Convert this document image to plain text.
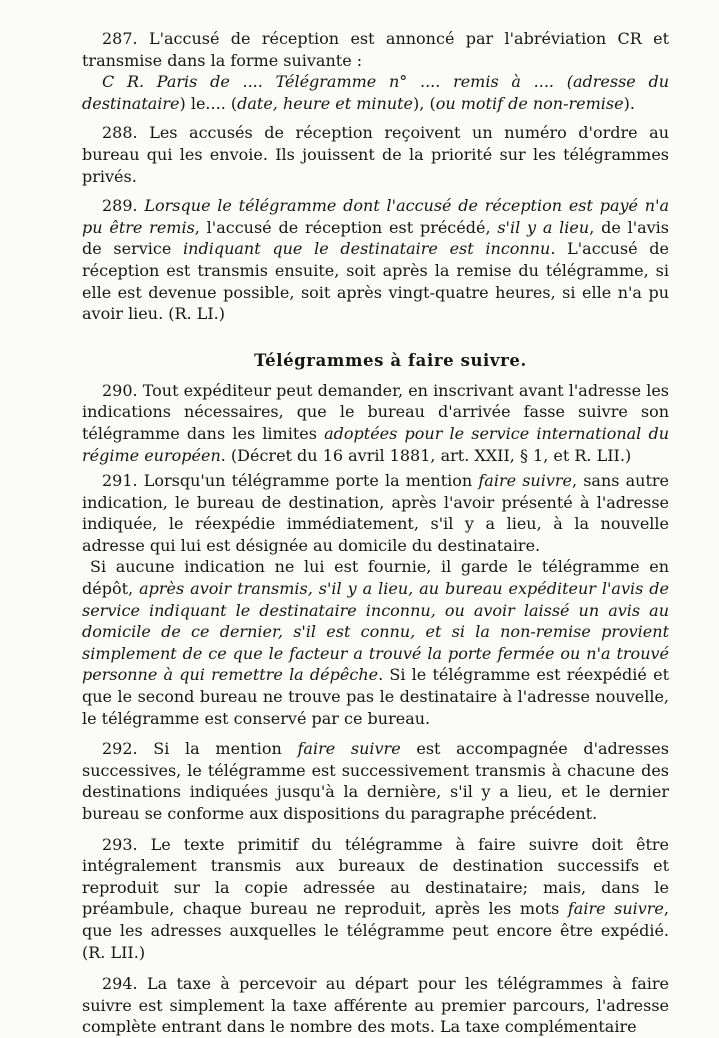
287. L'accusé de réception est annoncé par l'abréviation CR et transmise dans la forme suivante :

C R. Paris de .... Télégramme n° .... remis à .... (adresse du destinataire) le.... (date, heure et minute), (ou motif de non-remise).

288. Les accusés de réception reçoivent un numéro d'ordre au bureau qui les envoie. Ils jouissent de la priorité sur les télégrammes privés.

289. Lorsque le télégramme dont l'accusé de réception est payé n'a pu être remis, l'accusé de réception est précédé, s'il y a lieu, de l'avis de service indiquant que le destinataire est inconnu. L'accusé de réception est transmis ensuite, soit après la remise du télégramme, si elle est devenue possible, soit après vingt-quatre heures, si elle n'a pu avoir lieu. (R. LI.)

Télégrammes à faire suivre.

290. Tout expéditeur peut demander, en inscrivant avant l'adresse les indications nécessaires, que le bureau d'arrivée fasse suivre son télégramme dans les limites adoptées pour le service international du régime européen. (Décret du 16 avril 1881, art. XXII, § 1, et R. LII.)

291. Lorsqu'un télégramme porte la mention faire suivre, sans autre indication, le bureau de destination, après l'avoir présenté à l'adresse indiquée, le réexpédie immédiatement, s'il y a lieu, à la nouvelle adresse qui lui est désignée au domicile du destinataire.

Si aucune indication ne lui est fournie, il garde le télégramme en dépôt, après avoir transmis, s'il y a lieu, au bureau expéditeur l'avis de service indiquant le destinataire inconnu, ou avoir laissé un avis au domicile de ce dernier, s'il est connu, et si la non-remise provient simplement de ce que le facteur a trouvé la porte fermée ou n'a trouvé personne à qui remettre la dépêche. Si le télégramme est réexpédié et que le second bureau ne trouve pas le destinataire à l'adresse nouvelle, le télégramme est conservé par ce bureau.

292. Si la mention faire suivre est accompagnée d'adresses successives, le télégramme est successivement transmis à chacune des destinations indiquées jusqu'à la dernière, s'il y a lieu, et le dernier bureau se conforme aux dispositions du paragraphe précédent.

293. Le texte primitif du télégramme à faire suivre doit être intégralement transmis aux bureaux de destination successifs et reproduit sur la copie adressée au destinataire; mais, dans le préambule, chaque bureau ne reproduit, après les mots faire suivre, que les adresses auxquelles le télégramme peut encore être expédié. (R. LII.)

294. La taxe à percevoir au départ pour les télégrammes à faire suivre est simplement la taxe afférente au premier parcours, l'adresse complète entrant dans le nombre des mots. La taxe complémentaire
